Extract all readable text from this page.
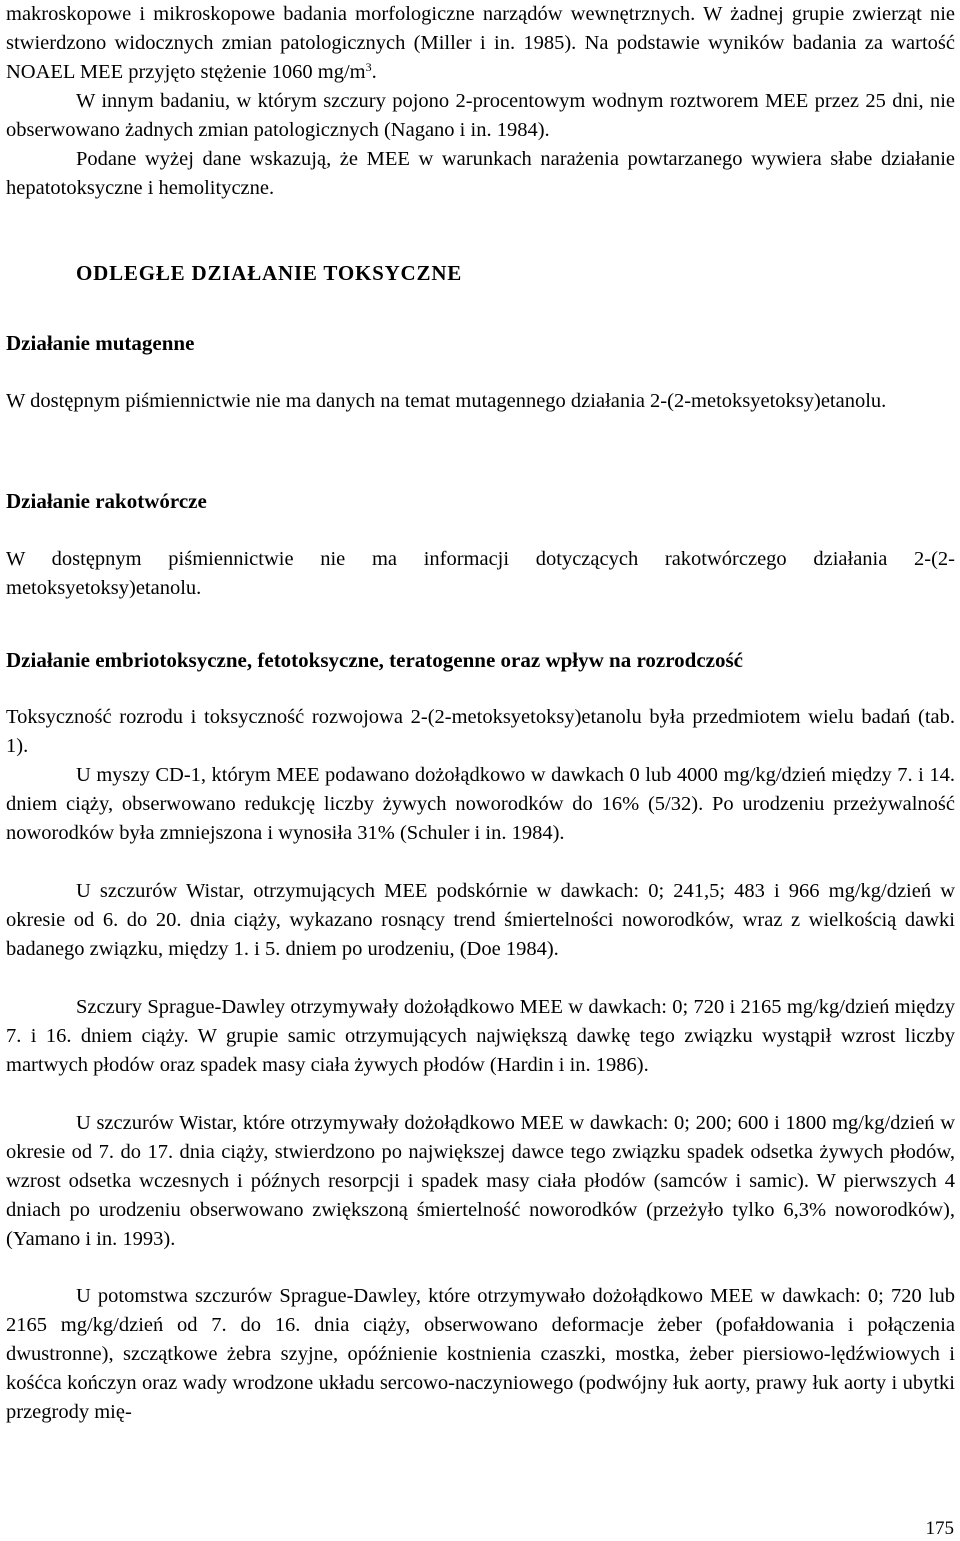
makroskopowe i mikroskopowe badania morfologiczne narządów wewnętrznych. W żadnej grupie zwierząt nie stwierdzono widocznych zmian patologicznych (Miller i in. 1985). Na podstawie wyników badania za wartość NOAEL MEE przyjęto stężenie 1060 $mg/m^3$.

W innym badaniu, w którym szczury pojono 2-procentowym wodnym roztworem MEE przez 25 dni, nie obserwowano żadnych zmian patologicznych (Nagano i in. 1984).

Podane wyżej dane wskazują, że MEE w warunkach narażenia powtarzanego wywiera słabe działanie hepatotoksyczne i hemolityczne.

ODLEGŁE DZIAŁANIE TOKSYCZNE
Działanie mutagenne

W dostępnym piśmiennictwie nie ma danych na temat mutagennego działania 2-(2-metoksyetoksy)etanolu.

Działanie rakotwórcze

W dostępnym piśmiennictwie nie ma informacji dotyczących rakotwórczego działania 2-(2-metoksyetoksy)etanolu.

Działanie embriotoksyczne, fetotoksyczne, teratogenne oraz wpływ na rozrodczość

Toksyczność rozrodu i toksyczność rozwojowa 2-(2-metoksyetoksy)etanolu była przedmiotem wielu badań (tab. 1).

U myszy CD-1, którym MEE podawano dożołądkowo w dawkach 0 lub 4000 mg/kg/dzień między 7. i 14. dniem ciąży, obserwowano redukcję liczby żywych noworodków do 16% (5/32). Po urodzeniu przeżywalność noworodków była zmniejszona i wynosiła 31% (Schuler i in. 1984).

U szczurów Wistar, otrzymujących MEE podskórnie w dawkach: 0; 241,5; 483 i 966 mg/kg/dzień w okresie od 6. do 20. dnia ciąży, wykazano rosnący trend śmiertelności noworodków, wraz z wielkością dawki badanego związku, między 1. i 5. dniem po urodzeniu, (Doe 1984).

Szczury Sprague-Dawley otrzymywały dożołądkowo MEE w dawkach: 0; 720 i 2165 mg/kg/dzień między 7. i 16. dniem ciąży. W grupie samic otrzymujących największą dawkę tego związku wystąpił wzrost liczby martwych płodów oraz spadek masy ciała żywych płodów (Hardin i in. 1986).

U szczurów Wistar, które otrzymywały dożołądkowo MEE w dawkach: 0; 200; 600 i 1800 mg/kg/dzień w okresie od 7. do 17. dnia ciąży, stwierdzono po największej dawce tego związku spadek odsetka żywych płodów, wzrost odsetka wczesnych i późnych resorpcji i spadek masy ciała płodów (samców i samic). W pierwszych 4 dniach po urodzeniu obserwowano zwiększoną śmiertelność noworodków (przeżyło tylko 6,3% noworodków), (Yamano i in. 1993).

U potomstwa szczurów Sprague-Dawley, które otrzymywało dożołądkowo MEE w dawkach: 0; 720 lub 2165 mg/kg/dzień od 7. do 16. dnia ciąży, obserwowano deformacje żeber (pofałdowania i połączenia dwustronne), szczątkowe żebra szyjne, opóźnienie kostnienia czaszki, mostka, żeber piersiowo-lędźwiowych i kośćca kończyn oraz wady wrodzone układu sercowo-naczyniowego (podwójny łuk aorty, prawy łuk aorty i ubytki przegrody mię-

175
